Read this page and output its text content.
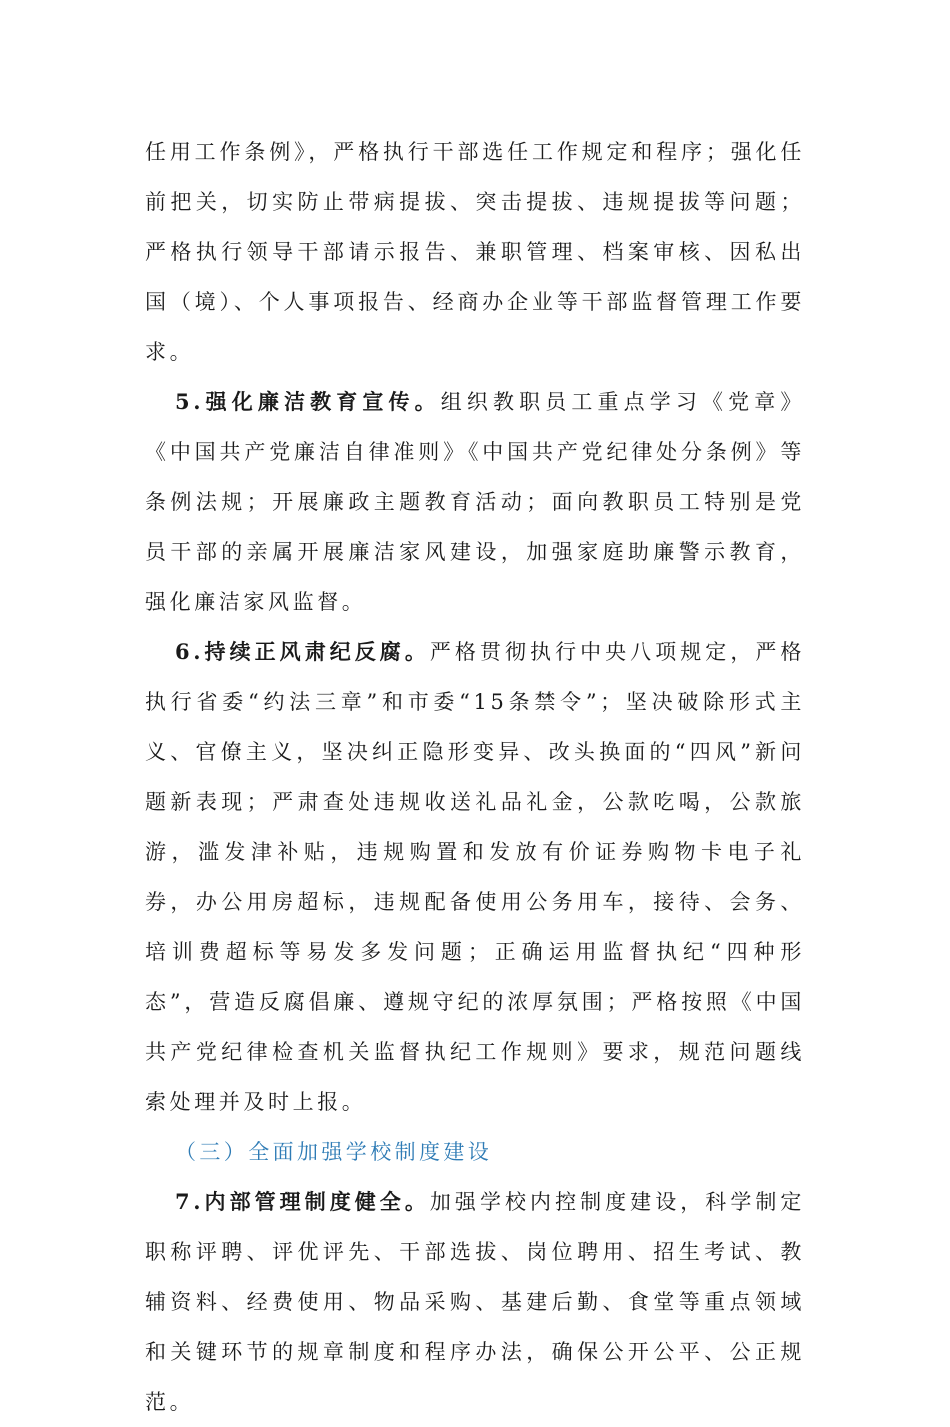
任用工作条例》，严格执行干部选任工作规定和程序；强化任前把关，切实防止带病提拔、突击提拔、违规提拔等问题；严格执行领导干部请示报告、兼职管理、档案审核、因私出国（境）、个人事项报告、经商办企业等干部监督管理工作要求。

5.强化廉洁教育宣传。组织教职员工重点学习《党章》《中国共产党廉洁自律准则》《中国共产党纪律处分条例》等条例法规；开展廉政主题教育活动；面向教职员工特别是党员干部的亲属开展廉洁家风建设，加强家庭助廉警示教育，强化廉洁家风监督。

6.持续正风肃纪反腐。严格贯彻执行中央八项规定，严格执行省委“约法三章”和市委“15条禁令”；坚决破除形式主义、官僚主义，坚决纠正隐形变异、改头换面的“四风”新问题新表现；严肃查处违规收送礼品礼金，公款吃喝，公款旅游，滥发津补贴，违规购置和发放有价证券购物卡电子礼券，办公用房超标，违规配备使用公务用车，接待、会务、培训费超标等易发多发问题；正确运用监督执纪“四种形态”，营造反腐倡廉、遵规守纪的浓厚氛围；严格按照《中国共产党纪律检查机关监督执纪工作规则》要求，规范问题线索处理并及时上报。

（三）全面加强学校制度建设

7.内部管理制度健全。加强学校内控制度建设，科学制定职称评聘、评优评先、干部选拔、岗位聘用、招生考试、教辅资料、经费使用、物品采购、基建后勤、食堂等重点领域和关键环节的规章制度和程序办法，确保公开公平、公正规范。
